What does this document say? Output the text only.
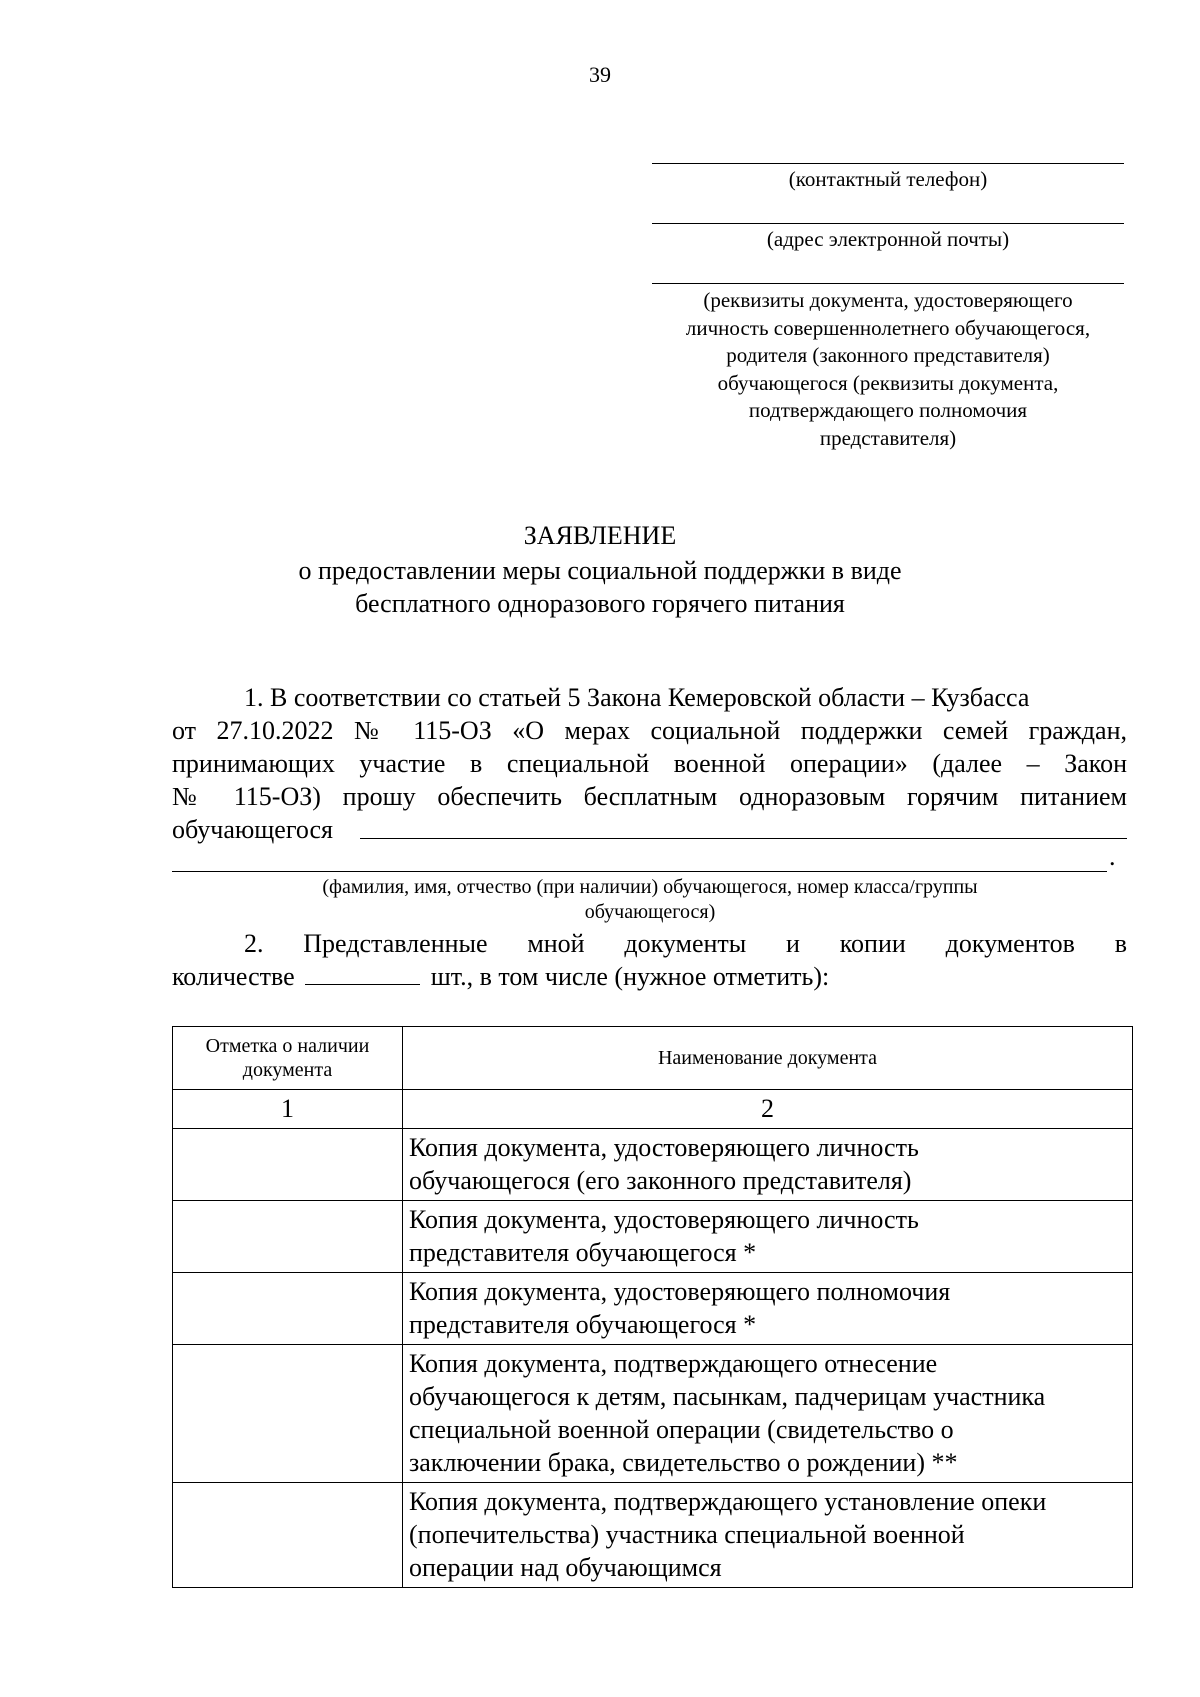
39
(контактный телефон)
(адрес электронной почты)
(реквизиты документа, удостоверяющего
личность совершеннолетнего обучающегося,
родителя (законного представителя)
обучающегося (реквизиты документа,
подтверждающего полномочия
представителя)
ЗАЯВЛЕНИЕ
о предоставлении меры социальной поддержки в виде
бесплатного одноразового горячего питания
1. В соответствии со статьей 5 Закона Кемеровской области – Кузбасса
от 27.10.2022 № 115-ОЗ «О мерах социальной поддержки семей граждан,
принимающих участие в специальной военной операции» (далее – Закон
№ 115-ОЗ) прошу обеспечить бесплатным одноразовым горячим питанием
обучающегося
.
(фамилия, имя, отчество (при наличии) обучающегося, номер класса/группы
обучающегося)
2. Представленные мной документы и копии документов в
количестве	шт., в том числе (нужное отметить):
Отметка о наличии документа	Наименование документа
1	2

	Копия документа, удостоверяющего личность
обучающегося (его законного представителя)

	Копия документа, удостоверяющего личность
представителя обучающегося *

	Копия документа, удостоверяющего полномочия
представителя обучающегося *

	Копия документа, подтверждающего отнесение
обучающегося к детям, пасынкам, падчерицам участника
специальной военной операции (свидетельство о
заключении брака, свидетельство о рождении) **

	Копия документа, подтверждающего установление опеки
(попечительства) участника специальной военной
операции над обучающимся
